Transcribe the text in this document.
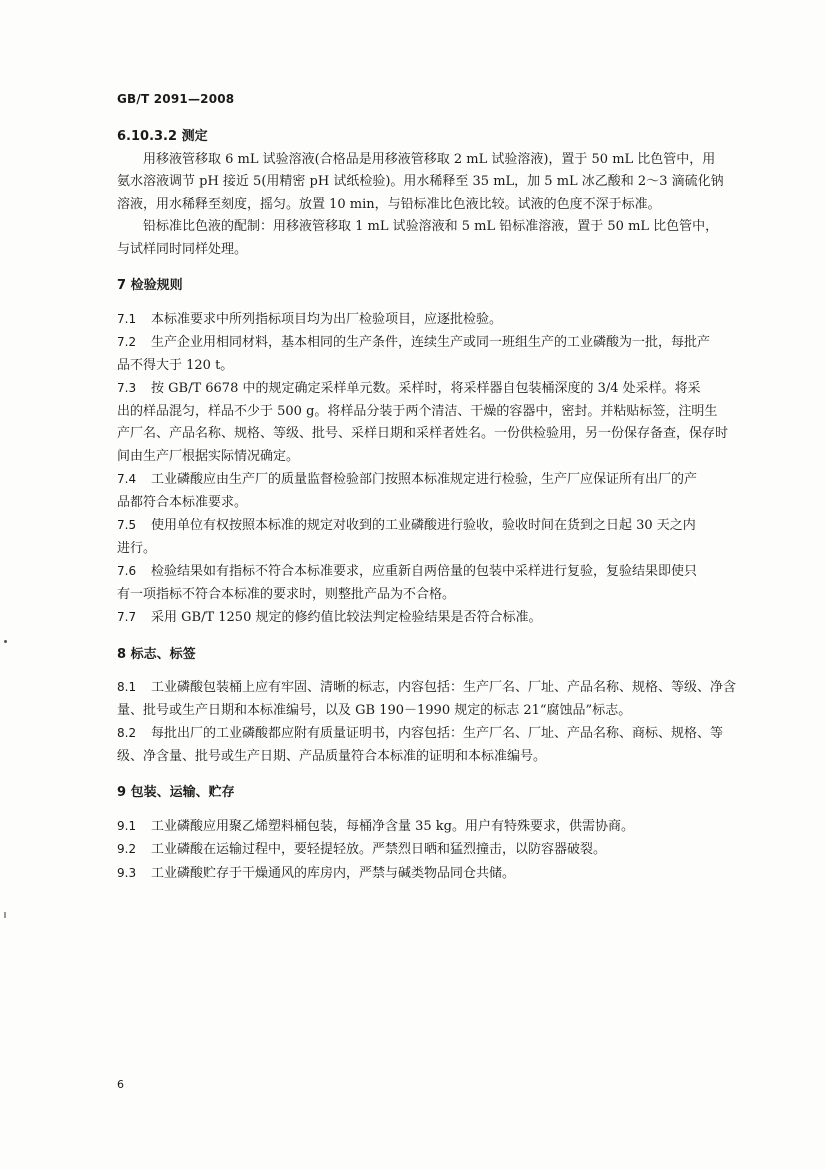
GB/T 2091—2008
6.10.3.2 测定
用移液管移取 6 mL 试验溶液(合格品是用移液管移取 2 mL 试验溶液)，置于 50 mL 比色管中，用
氨水溶液调节 pH 接近 5(用精密 pH 试纸检验)。用水稀释至 35 mL，加 5 mL 冰乙酸和 2～3 滴硫化钠
溶液，用水稀释至刻度，摇匀。放置 10 min，与铅标准比色液比较。试液的色度不深于标准。
铅标准比色液的配制：用移液管移取 1 mL 试验溶液和 5 mL 铅标准溶液，置于 50 mL 比色管中，
与试样同时同样处理。
7 检验规则
7.1 本标准要求中所列指标项目均为出厂检验项目，应逐批检验。
7.2 生产企业用相同材料，基本相同的生产条件，连续生产或同一班组生产的工业磷酸为一批，每批产
品不得大于 120 t。
7.3 按 GB/T 6678 中的规定确定采样单元数。采样时，将采样器自包装桶深度的 3/4 处采样。将采
出的样品混匀，样品不少于 500 g。将样品分装于两个清洁、干燥的容器中，密封。并粘贴标签，注明生
产厂名、产品名称、规格、等级、批号、采样日期和采样者姓名。一份供检验用，另一份保存备查，保存时
间由生产厂根据实际情况确定。
7.4 工业磷酸应由生产厂的质量监督检验部门按照本标准规定进行检验，生产厂应保证所有出厂的产
品都符合本标准要求。
7.5 使用单位有权按照本标准的规定对收到的工业磷酸进行验收，验收时间在货到之日起 30 天之内
进行。
7.6 检验结果如有指标不符合本标准要求，应重新自两倍量的包装中采样进行复验，复验结果即使只
有一项指标不符合本标准的要求时，则整批产品为不合格。
7.7 采用 GB/T 1250 规定的修约值比较法判定检验结果是否符合标准。
8 标志、标签
8.1 工业磷酸包装桶上应有牢固、清晰的标志，内容包括：生产厂名、厂址、产品名称、规格、等级、净含
量、批号或生产日期和本标准编号，以及 GB 190－1990 规定的标志 21“腐蚀品”标志。
8.2 每批出厂的工业磷酸都应附有质量证明书，内容包括：生产厂名、厂址、产品名称、商标、规格、等
级、净含量、批号或生产日期、产品质量符合本标准的证明和本标准编号。
9 包装、运输、贮存
9.1 工业磷酸应用聚乙烯塑料桶包装，每桶净含量 35 kg。用户有特殊要求，供需协商。
9.2 工业磷酸在运输过程中，要轻提轻放。严禁烈日晒和猛烈撞击，以防容器破裂。
9.3 工业磷酸贮存于干燥通风的库房内，严禁与碱类物品同仓共储。
6
